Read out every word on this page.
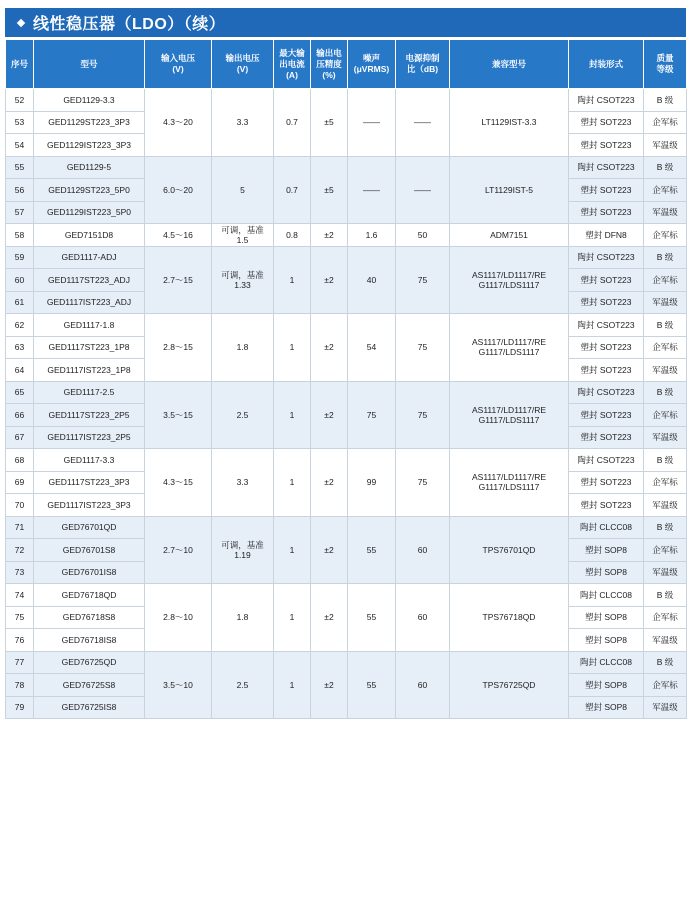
线性稳压器（LDO）（续）
序号	型号	输入电压
(V)	输出电压
(V)	最大输
出电流
(A)	输出电
压精度
(%)	噪声
(μVRMS)	电源抑制
比（dB)	兼容型号	封装形式	质量
等级
52	GED1129-3.3	4.3～20	3.3	0.7	±5	——	——	LT1129IST-3.3	陶封 CSOT223	B 级
53	GED1129ST223_3P3								塑封 SOT223	企军标
54	GED1129IST223_3P3								塑封 SOT223	军温级
55	GED1129-5	6.0～20	5	0.7	±5	——	——	LT1129IST-5	陶封 CSOT223	B 级
56	GED1129ST223_5P0								塑封 SOT223	企军标
57	GED1129IST223_5P0								塑封 SOT223	军温级
58	GED7151D8	4.5～16	可调，基准
1.5	0.8	±2	1.6	50	ADM7151	塑封 DFN8	企军标
59	GED1117-ADJ	2.7～15	可调，基准
1.33	1	±2	40	75	AS1117/LD1117/RE
G1117/LDS1117	陶封 CSOT223	B 级
60	GED1117ST223_ADJ								塑封 SOT223	企军标
61	GED1117IST223_ADJ								塑封 SOT223	军温级
62	GED1117-1.8	2.8～15	1.8	1	±2	54	75	AS1117/LD1117/RE
G1117/LDS1117	陶封 CSOT223	B 级
63	GED1117ST223_1P8								塑封 SOT223	企军标
64	GED1117IST223_1P8								塑封 SOT223	军温级
65	GED1117-2.5	3.5～15	2.5	1	±2	75	75	AS1117/LD1117/RE
G1117/LDS1117	陶封 CSOT223	B 级
66	GED1117ST223_2P5								塑封 SOT223	企军标
67	GED1117IST223_2P5								塑封 SOT223	军温级
68	GED1117-3.3	4.3～15	3.3	1	±2	99	75	AS1117/LD1117/RE
G1117/LDS1117	陶封 CSOT223	B 级
69	GED1117ST223_3P3								塑封 SOT223	企军标
70	GED1117IST223_3P3								塑封 SOT223	军温级
71	GED76701QD	2.7～10	可调，基准
1.19	1	±2	55	60	TPS76701QD	陶封 CLCC08	B 级
72	GED76701S8								塑封 SOP8	企军标
73	GED76701IS8								塑封 SOP8	军温级
74	GED76718QD	2.8～10	1.8	1	±2	55	60	TPS76718QD	陶封 CLCC08	B 级
75	GED76718S8								塑封 SOP8	企军标
76	GED76718IS8								塑封 SOP8	军温级
77	GED76725QD	3.5～10	2.5	1	±2	55	60	TPS76725QD	陶封 CLCC08	B 级
78	GED76725S8								塑封 SOP8	企军标
79	GED76725IS8								塑封 SOP8	军温级
